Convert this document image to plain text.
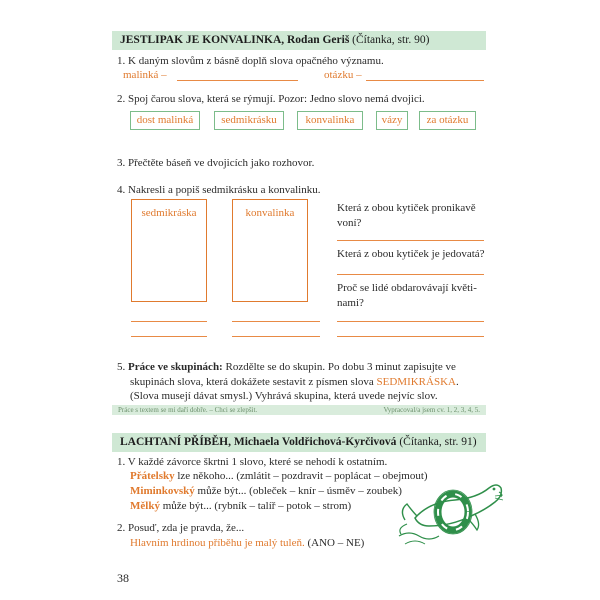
JESTLIPAK JE KONVALINKA, Rodan Geriš (Čítanka, str. 90)
1. K daným slovům z básně doplň slova opačného významu.
malinká –	otázku –
2. Spoj čarou slova, která se rýmují. Pozor: Jedno slovo nemá dvojici.
dost malinká	sedmikrásku	konvalinka	vázy	za otázku
3. Přečtěte báseň ve dvojicích jako rozhovor.
4. Nakresli a popiš sedmikrásku a konvalinku.
sedmikráska	konvalinka	Která z obou kytiček pronikavě
voní?
Která z obou kytiček je jedovatá?
Proč se lidé obdarovávají květi-
nami?
5. Práce ve skupinách: Rozdělte se do skupin. Po dobu 3 minut zapisujte ve
skupinách slova, která dokážete sestavit z písmen slova SEDMIKRÁSKA.
(Slova musejí dávat smysl.) Vyhrává skupina, která uvede nejvíc slov.
Práce s textem se mi daří dobře. – Chci se zlepšit.	Vypracoval/a jsem cv. 1, 2, 3, 4, 5.
LACHTANÍ PŘÍBĚH, Michaela Voldřichová-Kyrčivová (Čítanka, str. 91)
1. V každé závorce škrtni 1 slovo, které se nehodí k ostatním.
Přátelsky lze někoho... (zmlátit – pozdravit – poplácat – obejmout)
Miminkovský může být... (obleček – knír – úsměv – zoubek)
Mělký může být... (rybník – talíř – potok – strom)
2. Posuď, zda je pravda, že...
Hlavním hrdinou příběhu je malý tuleň. (ANO – NE)
38
